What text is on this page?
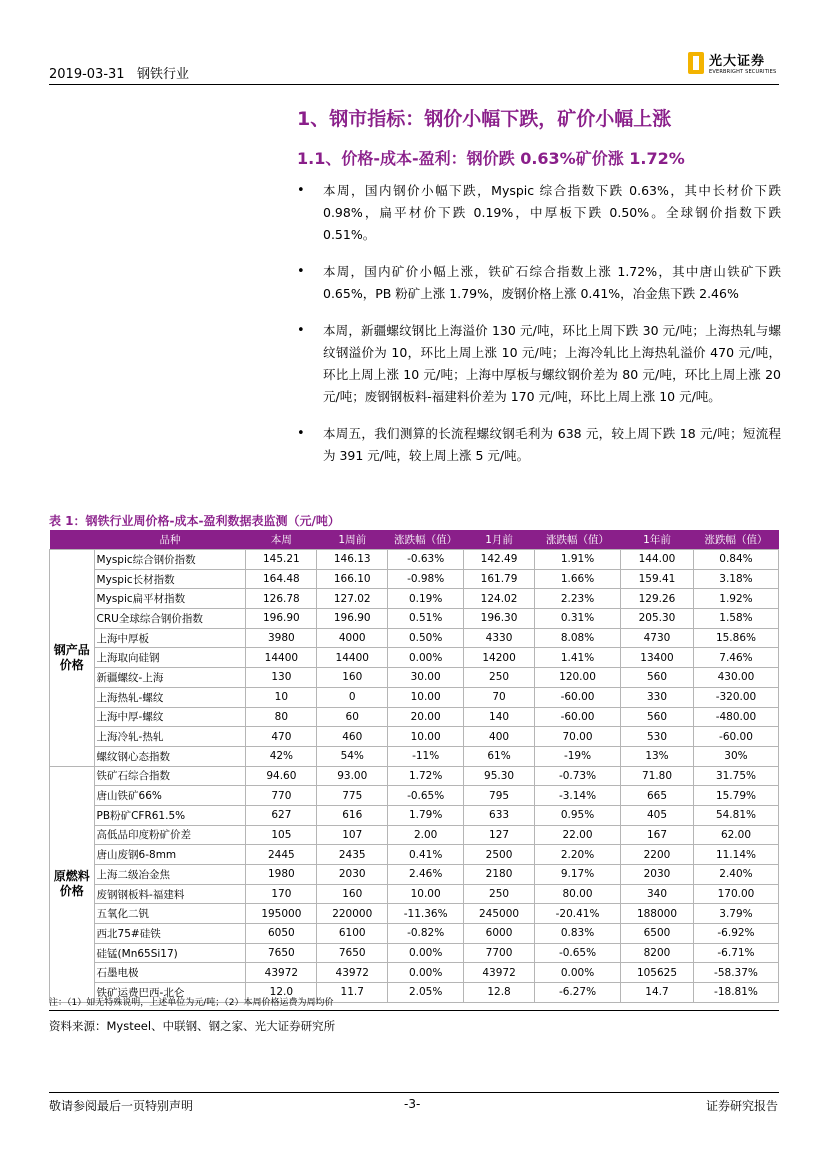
2019-03-31 钢铁行业
光大证券
EVERBRIGHT SECURITIES
1、钢市指标：钢价小幅下跌，矿价小幅上涨
1.1、价格-成本-盈利：钢价跌 0.63%矿价涨 1.72%
•	本周，国内钢价小幅下跌，Myspic 综合指数下跌 0.63%，其中长材价下跌 0.98%，扁平材价下跌 0.19%，中厚板下跌 0.50%。全球钢价指数下跌 0.51%。
•	本周，国内矿价小幅上涨，铁矿石综合指数上涨 1.72%，其中唐山铁矿下跌 0.65%，PB 粉矿上涨 1.79%，废钢价格上涨 0.41%，冶金焦下跌 2.46%
•	本周，新疆螺纹钢比上海溢价 130 元/吨，环比上周下跌 30 元/吨；上海热轧与螺纹钢溢价为 10，环比上周上涨 10 元/吨；上海冷轧比上海热轧溢价 470 元/吨，环比上周上涨 10 元/吨；上海中厚板与螺纹钢价差为 80 元/吨，环比上周上涨 20 元/吨；废钢钢板料-福建料价差为 170 元/吨，环比上周上涨 10 元/吨。
•	本周五，我们测算的长流程螺纹钢毛利为 638 元，较上周下跌 18 元/吨；短流程为 391 元/吨，较上周上涨 5 元/吨。
表 1：钢铁行业周价格-成本-盈利数据表监测（元/吨）
	品种	本周	1周前	涨跌幅（值）	1月前	涨跌幅（值）	1年前	涨跌幅（值）
钢产品价格	Myspic综合钢价指数	145.21	146.13	-0.63%	142.49	1.91%	144.00	0.84%
	Myspic长材指数	164.48	166.10	-0.98%	161.79	1.66%	159.41	3.18%
	Myspic扁平材指数	126.78	127.02	0.19%	124.02	2.23%	129.26	1.92%
	CRU全球综合钢价指数	196.90	196.90	0.51%	196.30	0.31%	205.30	1.58%
	上海中厚板	3980	4000	0.50%	4330	8.08%	4730	15.86%
	上海取向硅钢	14400	14400	0.00%	14200	1.41%	13400	7.46%
	新疆螺纹-上海	130	160	30.00	250	120.00	560	430.00
	上海热轧-螺纹	10	0	10.00	70	-60.00	330	-320.00
	上海中厚-螺纹	80	60	20.00	140	-60.00	560	-480.00
	上海冷轧-热轧	470	460	10.00	400	70.00	530	-60.00
	螺纹钢心态指数	42%	54%	-11%	61%	-19%	13%	30%
原燃料价格	铁矿石综合指数	94.60	93.00	1.72%	95.30	-0.73%	71.80	31.75%
	唐山铁矿66%	770	775	-0.65%	795	-3.14%	665	15.79%
	PB粉矿CFR61.5%	627	616	1.79%	633	0.95%	405	54.81%
	高低品印度粉矿价差	105	107	2.00	127	22.00	167	62.00
	唐山废钢6-8mm	2445	2435	0.41%	2500	2.20%	2200	11.14%
	上海二级冶金焦	1980	2030	2.46%	2180	9.17%	2030	2.40%
	废钢钢板料-福建料	170	160	10.00	250	80.00	340	170.00
	五氧化二钒	195000	220000	-11.36%	245000	-20.41%	188000	3.79%
	西北75#硅铁	6050	6100	-0.82%	6000	0.83%	6500	-6.92%
	硅锰(Mn65Si17)	7650	7650	0.00%	7700	-0.65%	8200	-6.71%
	石墨电极	43972	43972	0.00%	43972	0.00%	105625	-58.37%
	铁矿运费巴西-北仑	12.0	11.7	2.05%	12.8	-6.27%	14.7	-18.81%
注：（1）如无特殊说明，上述单位为元/吨；（2）本周价格运费为周均价
资料来源：Mysteel、中联钢、钢之家、光大证券研究所
敬请参阅最后一页特别声明	-3-	证券研究报告
